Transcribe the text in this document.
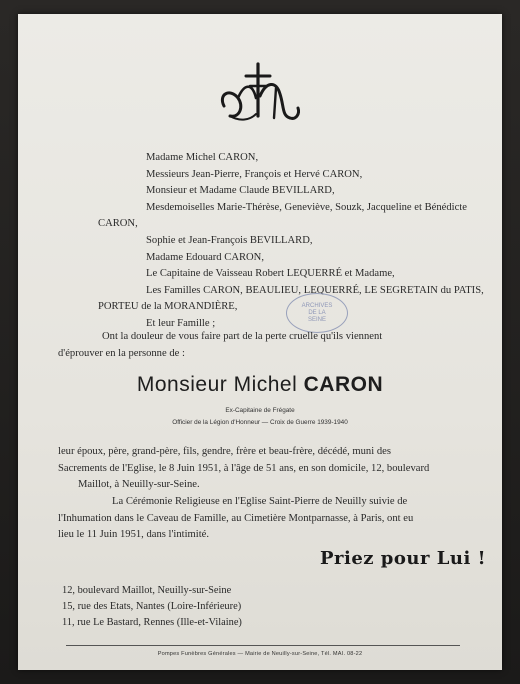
Madame Michel CARON,
Messieurs Jean-Pierre, François et Hervé CARON,
Monsieur et Madame Claude BEVILLARD,
Mesdemoiselles Marie-Thérèse, Geneviève, Souzk, Jacqueline et Bénédicte
CARON,
Sophie et Jean-François BEVILLARD,
Madame Edouard CARON,
Le Capitaine de Vaisseau Robert LEQUERRÉ et Madame,
Les Familles CARON, BEAULIEU, LEQUERRÉ, LE SEGRETAIN du PATIS,
PORTEU de la MORANDIÈRE,
Et leur Famille ;
ARCHIVES
DE LA
SEINE
Ont la douleur de vous faire part de la perte cruelle qu'ils viennent
d'éprouver en la personne de :
Monsieur Michel CARON
Ex-Capitaine de Frégate
Officier de la Légion d'Honneur — Croix de Guerre 1939-1940
leur époux, père, grand-père, fils, gendre, frère et beau-frère, décédé, muni des
Sacrements de l'Eglise, le 8 Juin 1951, à l'âge de 51 ans, en son domicile, 12, boulevard
Maillot, à Neuilly-sur-Seine.
La Cérémonie Religieuse en l'Eglise Saint-Pierre de Neuilly suivie de
l'Inhumation dans le Caveau de Famille, au Cimetière Montparnasse, à Paris, ont eu
lieu le 11 Juin 1951, dans l'intimité.
Priez pour Lui !
12, boulevard Maillot, Neuilly-sur-Seine
15, rue des Etats, Nantes (Loire-Inférieure)
11, rue Le Bastard, Rennes (Ille-et-Vilaine)
Pompes Funèbres Générales — Mairie de Neuilly-sur-Seine, Tél. MAI. 08-22
